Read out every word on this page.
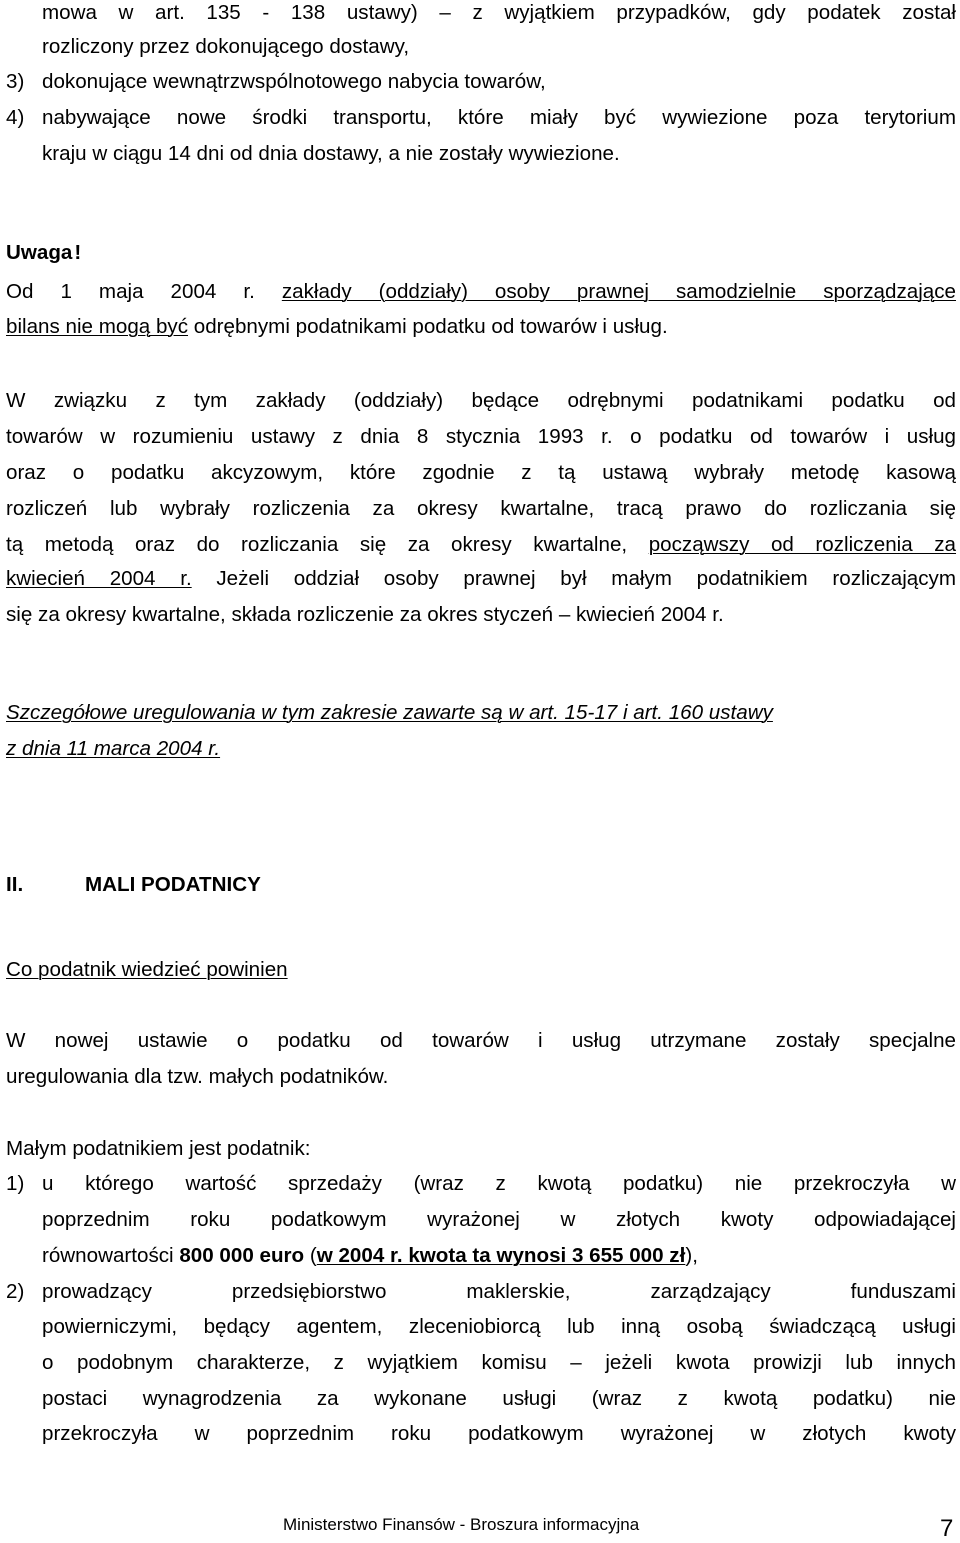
mowa w art. 135 - 138 ustawy) – z wyjątkiem przypadków, gdy podatek został

rozliczony przez dokonującego dostawy,

3) dokonujące wewnątrzwspólnotowego nabycia towarów,

4) nabywające nowe środki transportu, które miały być wywiezione poza terytorium

kraju w ciągu 14 dni od dnia dostawy, a nie zostały wywiezione.

Uwaga!

Od 1 maja 2004 r. zakłady (oddziały) osoby prawnej samodzielnie sporządzające

bilans nie mogą być odrębnymi podatnikami podatku od towarów i usług.

W związku z tym zakłady (oddziały) będące odrębnymi podatnikami podatku od

towarów w rozumieniu ustawy z dnia 8 stycznia 1993 r. o podatku od towarów i usług

oraz o podatku akcyzowym, które zgodnie z tą ustawą wybrały metodę kasową

rozliczeń lub wybrały rozliczenia za okresy kwartalne, tracą prawo do rozliczania się

tą metodą oraz do rozliczania się za okresy kwartalne, począwszy od rozliczenia za

kwiecień 2004 r. Jeżeli oddział osoby prawnej był małym podatnikiem rozliczającym

się za okresy kwartalne, składa rozliczenie za okres styczeń – kwiecień 2004 r.

Szczegółowe uregulowania w tym zakresie zawarte są w art. 15-17 i art. 160 ustawy

z dnia 11 marca 2004 r.

II.	MALI PODATNICY

Co podatnik wiedzieć powinien

W nowej ustawie o podatku od towarów i usług utrzymane zostały specjalne

uregulowania dla tzw. małych podatników.

Małym podatnikiem jest podatnik:

1) u którego wartość sprzedaży (wraz z kwotą podatku) nie przekroczyła w

poprzednim roku podatkowym wyrażonej w złotych kwoty odpowiadającej

równowartości 800 000 euro (w 2004 r. kwota ta wynosi 3 655 000 zł),

2) prowadzący przedsiębiorstwo maklerskie, zarządzający funduszami

powierniczymi, będący agentem, zleceniobiorcą lub inną osobą świadczącą usługi

o podobnym charakterze, z wyjątkiem komisu – jeżeli kwota prowizji lub innych

postaci wynagrodzenia za wykonane usługi (wraz z kwotą podatku) nie

przekroczyła w poprzednim roku podatkowym wyrażonej w złotych kwoty

Ministerstwo Finansów - Broszura informacyjna	7
